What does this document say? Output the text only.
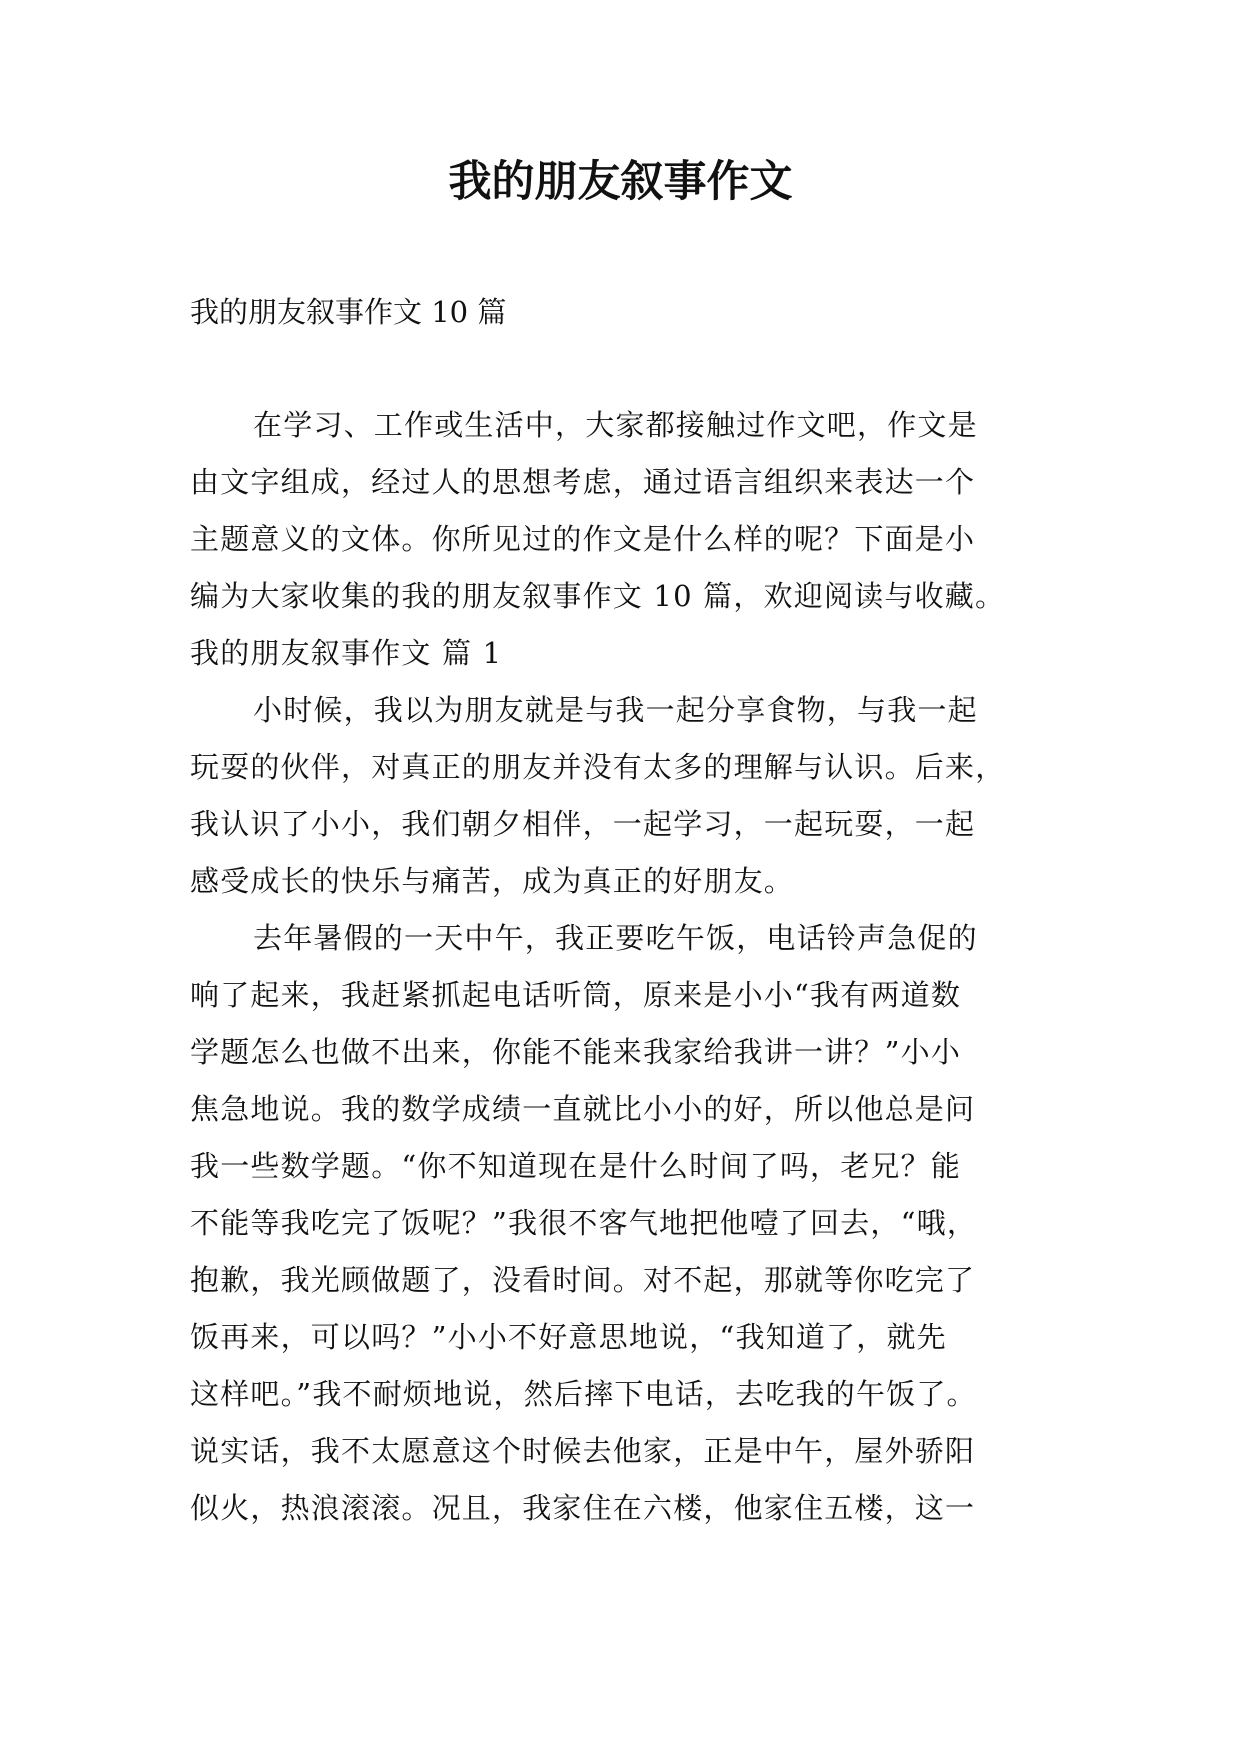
我的朋友叙事作文
我的朋友叙事作文 10 篇
在学习、工作或生活中，大家都接触过作文吧，作文是
由文字组成，经过人的思想考虑，通过语言组织来表达一个
主题意义的文体。你所见过的作文是什么样的呢？下面是小
编为大家收集的我的朋友叙事作文 10 篇，欢迎阅读与收藏。
我的朋友叙事作文 篇 1
小时候，我以为朋友就是与我一起分享食物，与我一起
玩耍的伙伴，对真正的朋友并没有太多的理解与认识。后来，
我认识了小小，我们朝夕相伴，一起学习，一起玩耍，一起
感受成长的快乐与痛苦，成为真正的好朋友。
去年暑假的一天中午，我正要吃午饭，电话铃声急促的
响了起来，我赶紧抓起电话听筒，原来是小小“我有两道数
学题怎么也做不出来，你能不能来我家给我讲一讲？”小小
焦急地说。我的数学成绩一直就比小小的好，所以他总是问
我一些数学题。“你不知道现在是什么时间了吗，老兄？能
不能等我吃完了饭呢？”我很不客气地把他噎了回去，“哦，
抱歉，我光顾做题了，没看时间。对不起，那就等你吃完了
饭再来，可以吗？”小小不好意思地说，“我知道了，就先
这样吧。”我不耐烦地说，然后摔下电话，去吃我的午饭了。
说实话，我不太愿意这个时候去他家，正是中午，屋外骄阳
似火，热浪滚滚。况且，我家住在六楼，他家住五楼，这一
